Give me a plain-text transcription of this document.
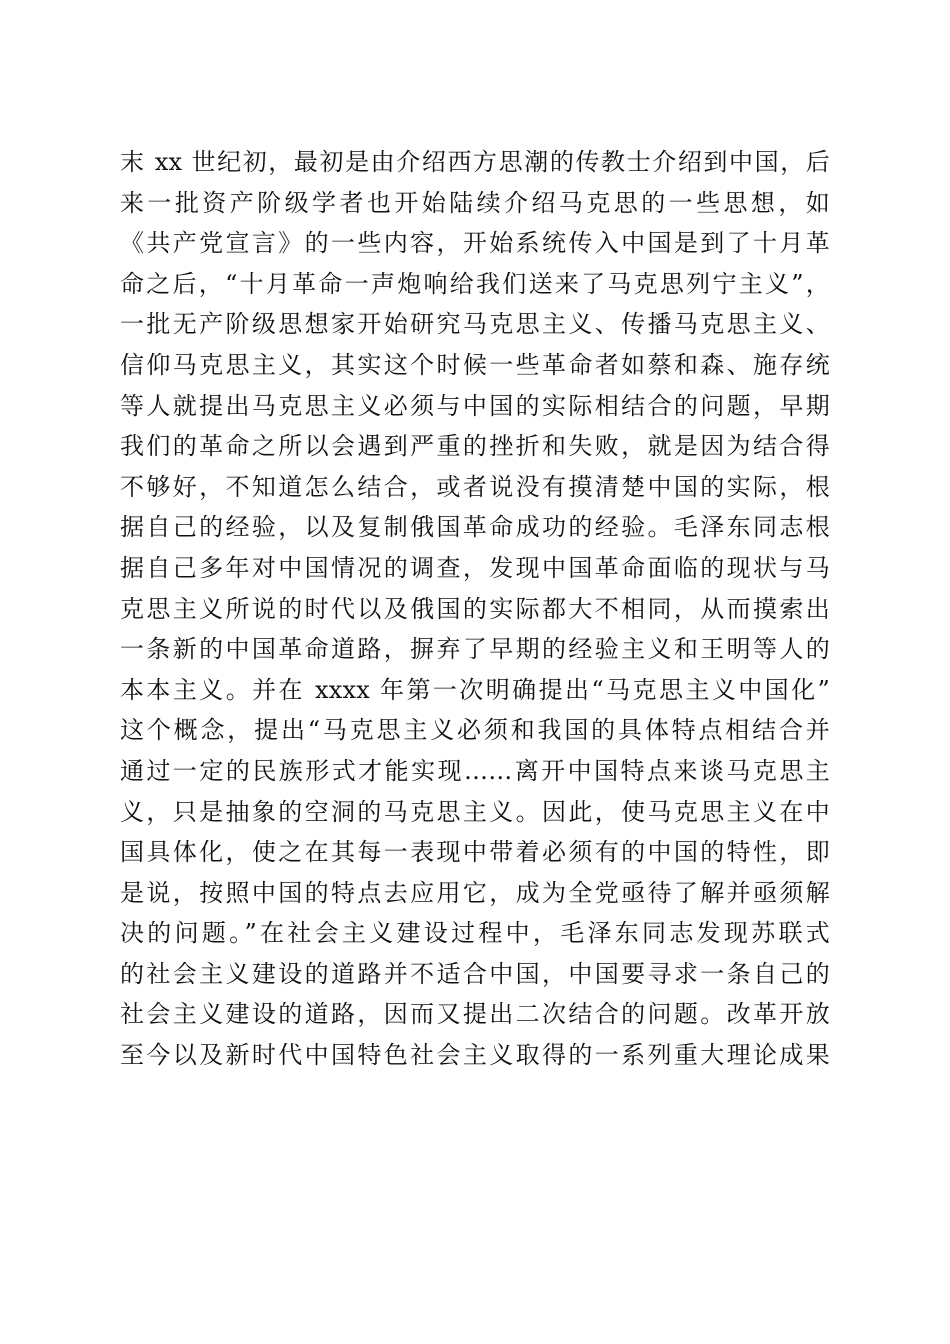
末 xx 世纪初，最初是由介绍西方思潮的传教士介绍到中国，后
来一批资产阶级学者也开始陆续介绍马克思的一些思想，如
《共产党宣言》的一些内容，开始系统传入中国是到了十月革
命之后，“十月革命一声炮响给我们送来了马克思列宁主义”，
一批无产阶级思想家开始研究马克思主义、传播马克思主义、
信仰马克思主义，其实这个时候一些革命者如蔡和森、施存统
等人就提出马克思主义必须与中国的实际相结合的问题，早期
我们的革命之所以会遇到严重的挫折和失败，就是因为结合得
不够好，不知道怎么结合，或者说没有摸清楚中国的实际，根
据自己的经验，以及复制俄国革命成功的经验。毛泽东同志根
据自己多年对中国情况的调查，发现中国革命面临的现状与马
克思主义所说的时代以及俄国的实际都大不相同，从而摸索出
一条新的中国革命道路，摒弃了早期的经验主义和王明等人的
本本主义。并在 xxxx 年第一次明确提出“马克思主义中国化”
这个概念，提出“马克思主义必须和我国的具体特点相结合并
通过一定的民族形式才能实现……离开中国特点来谈马克思主
义，只是抽象的空洞的马克思主义。因此，使马克思主义在中
国具体化，使之在其每一表现中带着必须有的中国的特性，即
是说，按照中国的特点去应用它，成为全党亟待了解并亟须解
决的问题。”在社会主义建设过程中，毛泽东同志发现苏联式
的社会主义建设的道路并不适合中国，中国要寻求一条自己的
社会主义建设的道路，因而又提出二次结合的问题。改革开放
至今以及新时代中国特色社会主义取得的一系列重大理论成果
